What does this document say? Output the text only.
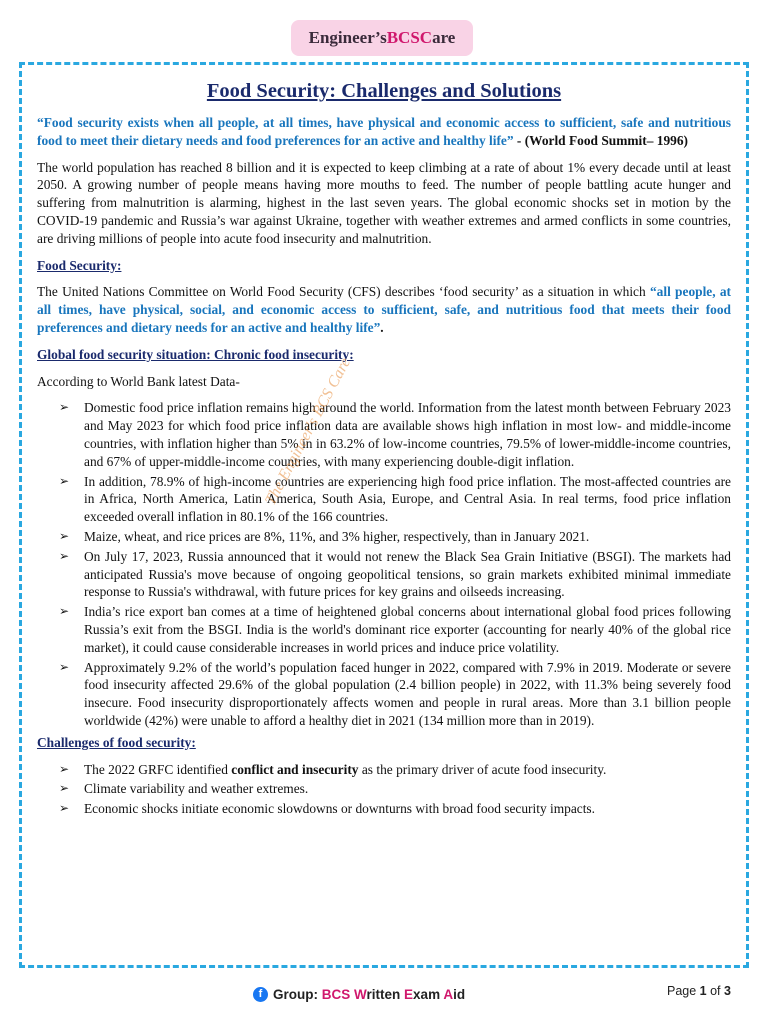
Engineer’s BCS C are
Food Security: Challenges and Solutions

“Food security exists when all people, at all times, have physical and economic access to sufficient, safe and nutritious food to meet their dietary needs and food preferences for an active and healthy life” - (World Food Summit– 1996)

The world population has reached 8 billion and it is expected to keep climbing at a rate of about 1% every decade until at least 2050. A growing number of people means having more mouths to feed. The number of people battling acute hunger and suffering from malnutrition is alarming, highest in the last seven years. The global economic shocks set in motion by the COVID-19 pandemic and Russia’s war against Ukraine, together with weather extremes and armed conflicts in some countries, are driving millions of people into acute food insecurity and malnutrition.

Food Security:

The United Nations Committee on World Food Security (CFS) describes ‘food security’ as a situation in which “all people, at all times, have physical, social, and economic access to sufficient, safe, and nutritious food that meets their food preferences and dietary needs for an active and healthy life”.

Global food security situation: Chronic food insecurity:

According to World Bank latest Data-

➢ Domestic food price inflation remains high around the world. Information from the latest month between February 2023 and May 2023 for which food price inflation data are available shows high inflation in most low- and middle-income countries, with inflation higher than 5% in in 63.2% of low-income countries, 79.5% of lower-middle-income countries, and 67% of upper-middle-income countries, with many experiencing double-digit inflation.
➢ In addition, 78.9% of high-income countries are experiencing high food price inflation. The most-affected countries are in Africa, North America, Latin America, South Asia, Europe, and Central Asia. In real terms, food price inflation exceeded overall inflation in 80.1% of the 166 countries.
➢ Maize, wheat, and rice prices are 8%, 11%, and 3% higher, respectively, than in January 2021.
➢ On July 17, 2023, Russia announced that it would not renew the Black Sea Grain Initiative (BSGI). The markets had anticipated Russia's move because of ongoing geopolitical tensions, so grain markets exhibited minimal immediate response to Russia's withdrawal, with future prices for key grains and oilseeds increasing.
➢ India’s rice export ban comes at a time of heightened global concerns about international global food prices following Russia’s exit from the BSGI. India is the world's dominant rice exporter (accounting for nearly 40% of the global rice market), it could cause considerable increases in world prices and induce price volatility.
➢ Approximately 9.2% of the world’s population faced hunger in 2022, compared with 7.9% in 2019. Moderate or severe food insecurity affected 29.6% of the global population (2.4 billion people) in 2022, with 11.3% being severely food insecure. Food insecurity disproportionately affects women and people in rural areas. More than 3.1 billion people worldwide (42%) were unable to afford a healthy diet in 2021 (134 million more than in 2019).
Challenges of food security:
➢ The 2022 GRFC identified conflict and insecurity as the primary driver of acute food insecurity.
➢ Climate variability and weather extremes.
➢ Economic shocks initiate economic slowdowns or downturns with broad food security impacts.
The Engineer's BCS Care
f Group: BCS Written Exam Aid	Page 1 of 3
